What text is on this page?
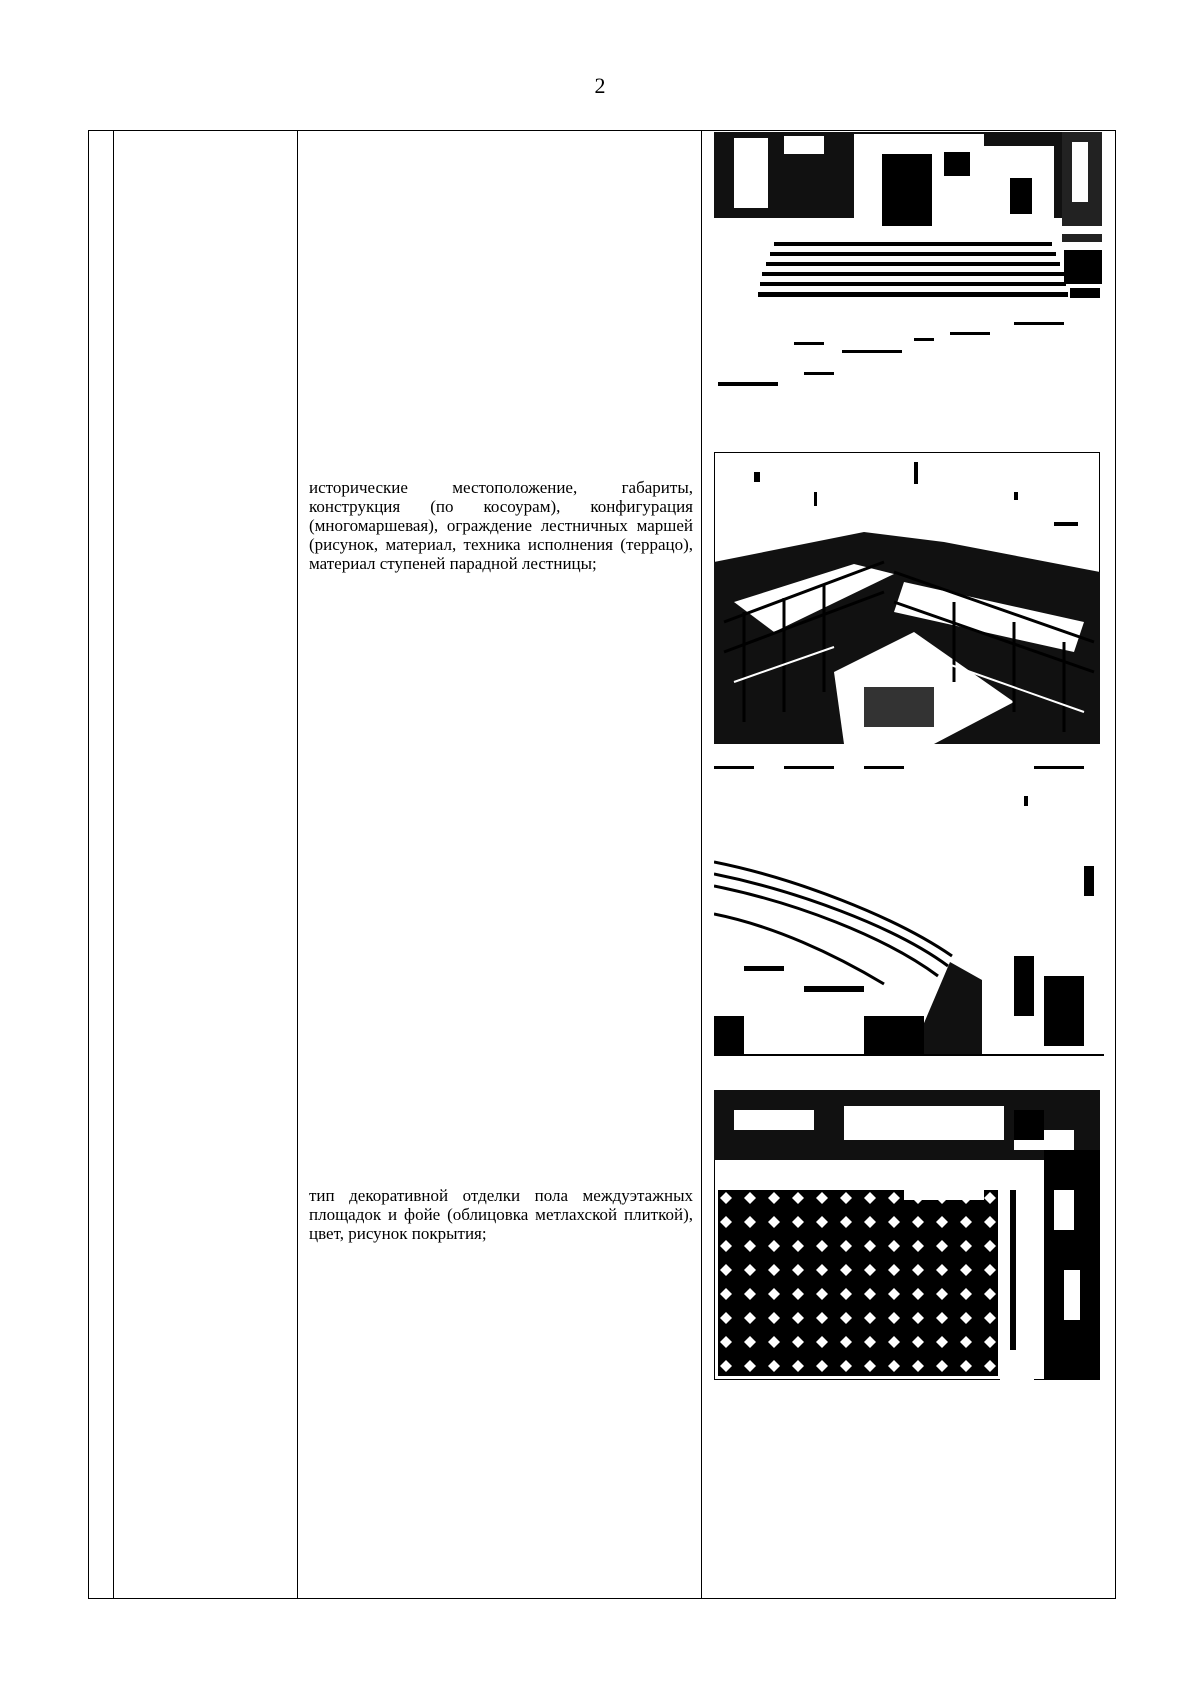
2
исторические местоположение, габариты, конструкция (по косоурам), конфигурация (многомаршевая), ограждение лестничных маршей (рисунок, материал, техника исполнения (террацо), материал ступеней парадной лестницы;
тип декоративной отделки пола междуэтажных площадок и фойе (облицовка метлахской плиткой), цвет, рисунок покрытия;
